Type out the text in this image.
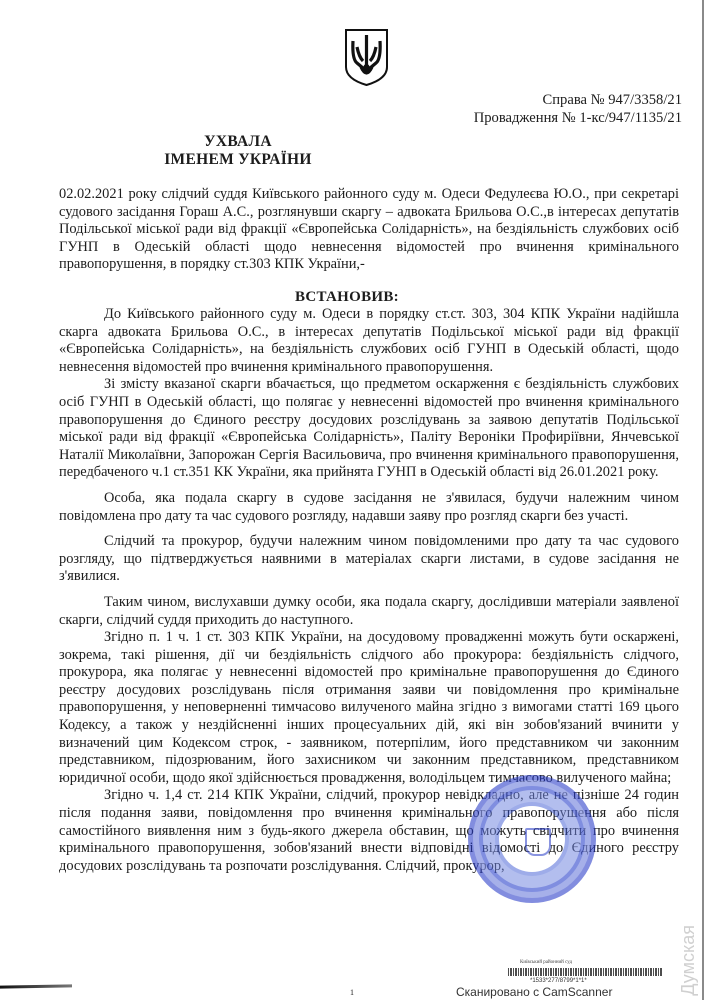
Справа № 947/3358/21
Провадження № 1-кс/947/1135/21
УХВАЛА
ІМЕНЕМ УКРАЇНИ

02.02.2021 року слідчий суддя Київського районного суду м. Одеси Федулеєва Ю.О., при секретарі судового засідання Гораш А.С., розглянувши скаргу – адвоката Брильова О.С.,в інтересах депутатів Подільської міської ради від фракції «Європейська Солідарність», на бездіяльність службових осіб ГУНП в Одеській області щодо невнесення відомостей про вчинення кримінального правопорушення, в порядку ст.303 КПК України,-

ВСТАНОВИВ:

До Київського районного суду м. Одеси в порядку ст.ст. 303, 304 КПК України надійшла скарга адвоката Брильова О.С., в інтересах депутатів Подільської міської ради від фракції «Європейська Солідарність», на бездіяльність службових осіб ГУНП в Одеській області, щодо невнесення відомостей про вчинення кримінального правопорушення.

Зі змісту вказаної скарги вбачається, що предметом оскарження є бездіяльність службових осіб ГУНП в Одеській області, що полягає у невнесенні відомостей про вчинення кримінального правопорушення до Єдиного реєстру досудових розслідувань за заявою депутатів Подільської міської ради від фракції «Європейська Солідарність», Паліту Вероніки Профиріївни, Янчевської Наталії Миколаївни, Запорожан Сергія Васильовича, про вчинення кримінального правопорушення, передбаченого ч.1 ст.351 КК України, яка прийнята ГУНП в Одеській області від 26.01.2021 року.

Особа, яка подала скаргу в судове засідання не з'явилася, будучи належним чином повідомлена про дату та час судового розгляду, надавши заяву про розгляд скарги без участі.

Слідчий та прокурор, будучи належним чином повідомленими про дату та час судового розгляду, що підтверджується наявними в матеріалах скарги листами, в судове засідання не з'явилися.

Таким чином, вислухавши думку особи, яка подала скаргу, дослідивши матеріали заявленої скарги, слідчий суддя приходить до наступного.

Згідно п. 1 ч. 1 ст. 303 КПК України, на досудовому провадженні можуть бути оскаржені, зокрема, такі рішення, дії чи бездіяльність слідчого або прокурора: бездіяльність слідчого, прокурора, яка полягає у невнесенні відомостей про кримінальне правопорушення до Єдиного реєстру досудових розслідувань після отримання заяви чи повідомлення про кримінальне правопорушення, у неповерненні тимчасово вилученого майна згідно з вимогами статті 169 цього Кодексу, а також у нездійсненні інших процесуальних дій, які він зобов'язаний вчинити у визначений цим Кодексом строк, - заявником, потерпілим, його представником чи законним представником, підозрюваним, його захисником чи законним представником, представником юридичної особи, щодо якої здійснюється провадження, володільцем тимчасово вилученого майна;

Згідно ч. 1,4 ст. 214 КПК України, слідчий, прокурор невідкладно, але не пізніше 24 годин після подання заяви, повідомлення про вчинення кримінального правопорушення або після самостійного виявлення ним з будь-якого джерела обставин, що можуть свідчити про вчинення кримінального правопорушення, зобов'язаний внести відповідні відомості до Єдиного реєстру досудових розслідувань та розпочати розслідування. Слідчий, прокурор,

1
Київський районний суд
*1533*277/8799*1*1*
Сканировано с CamScanner	Думская
